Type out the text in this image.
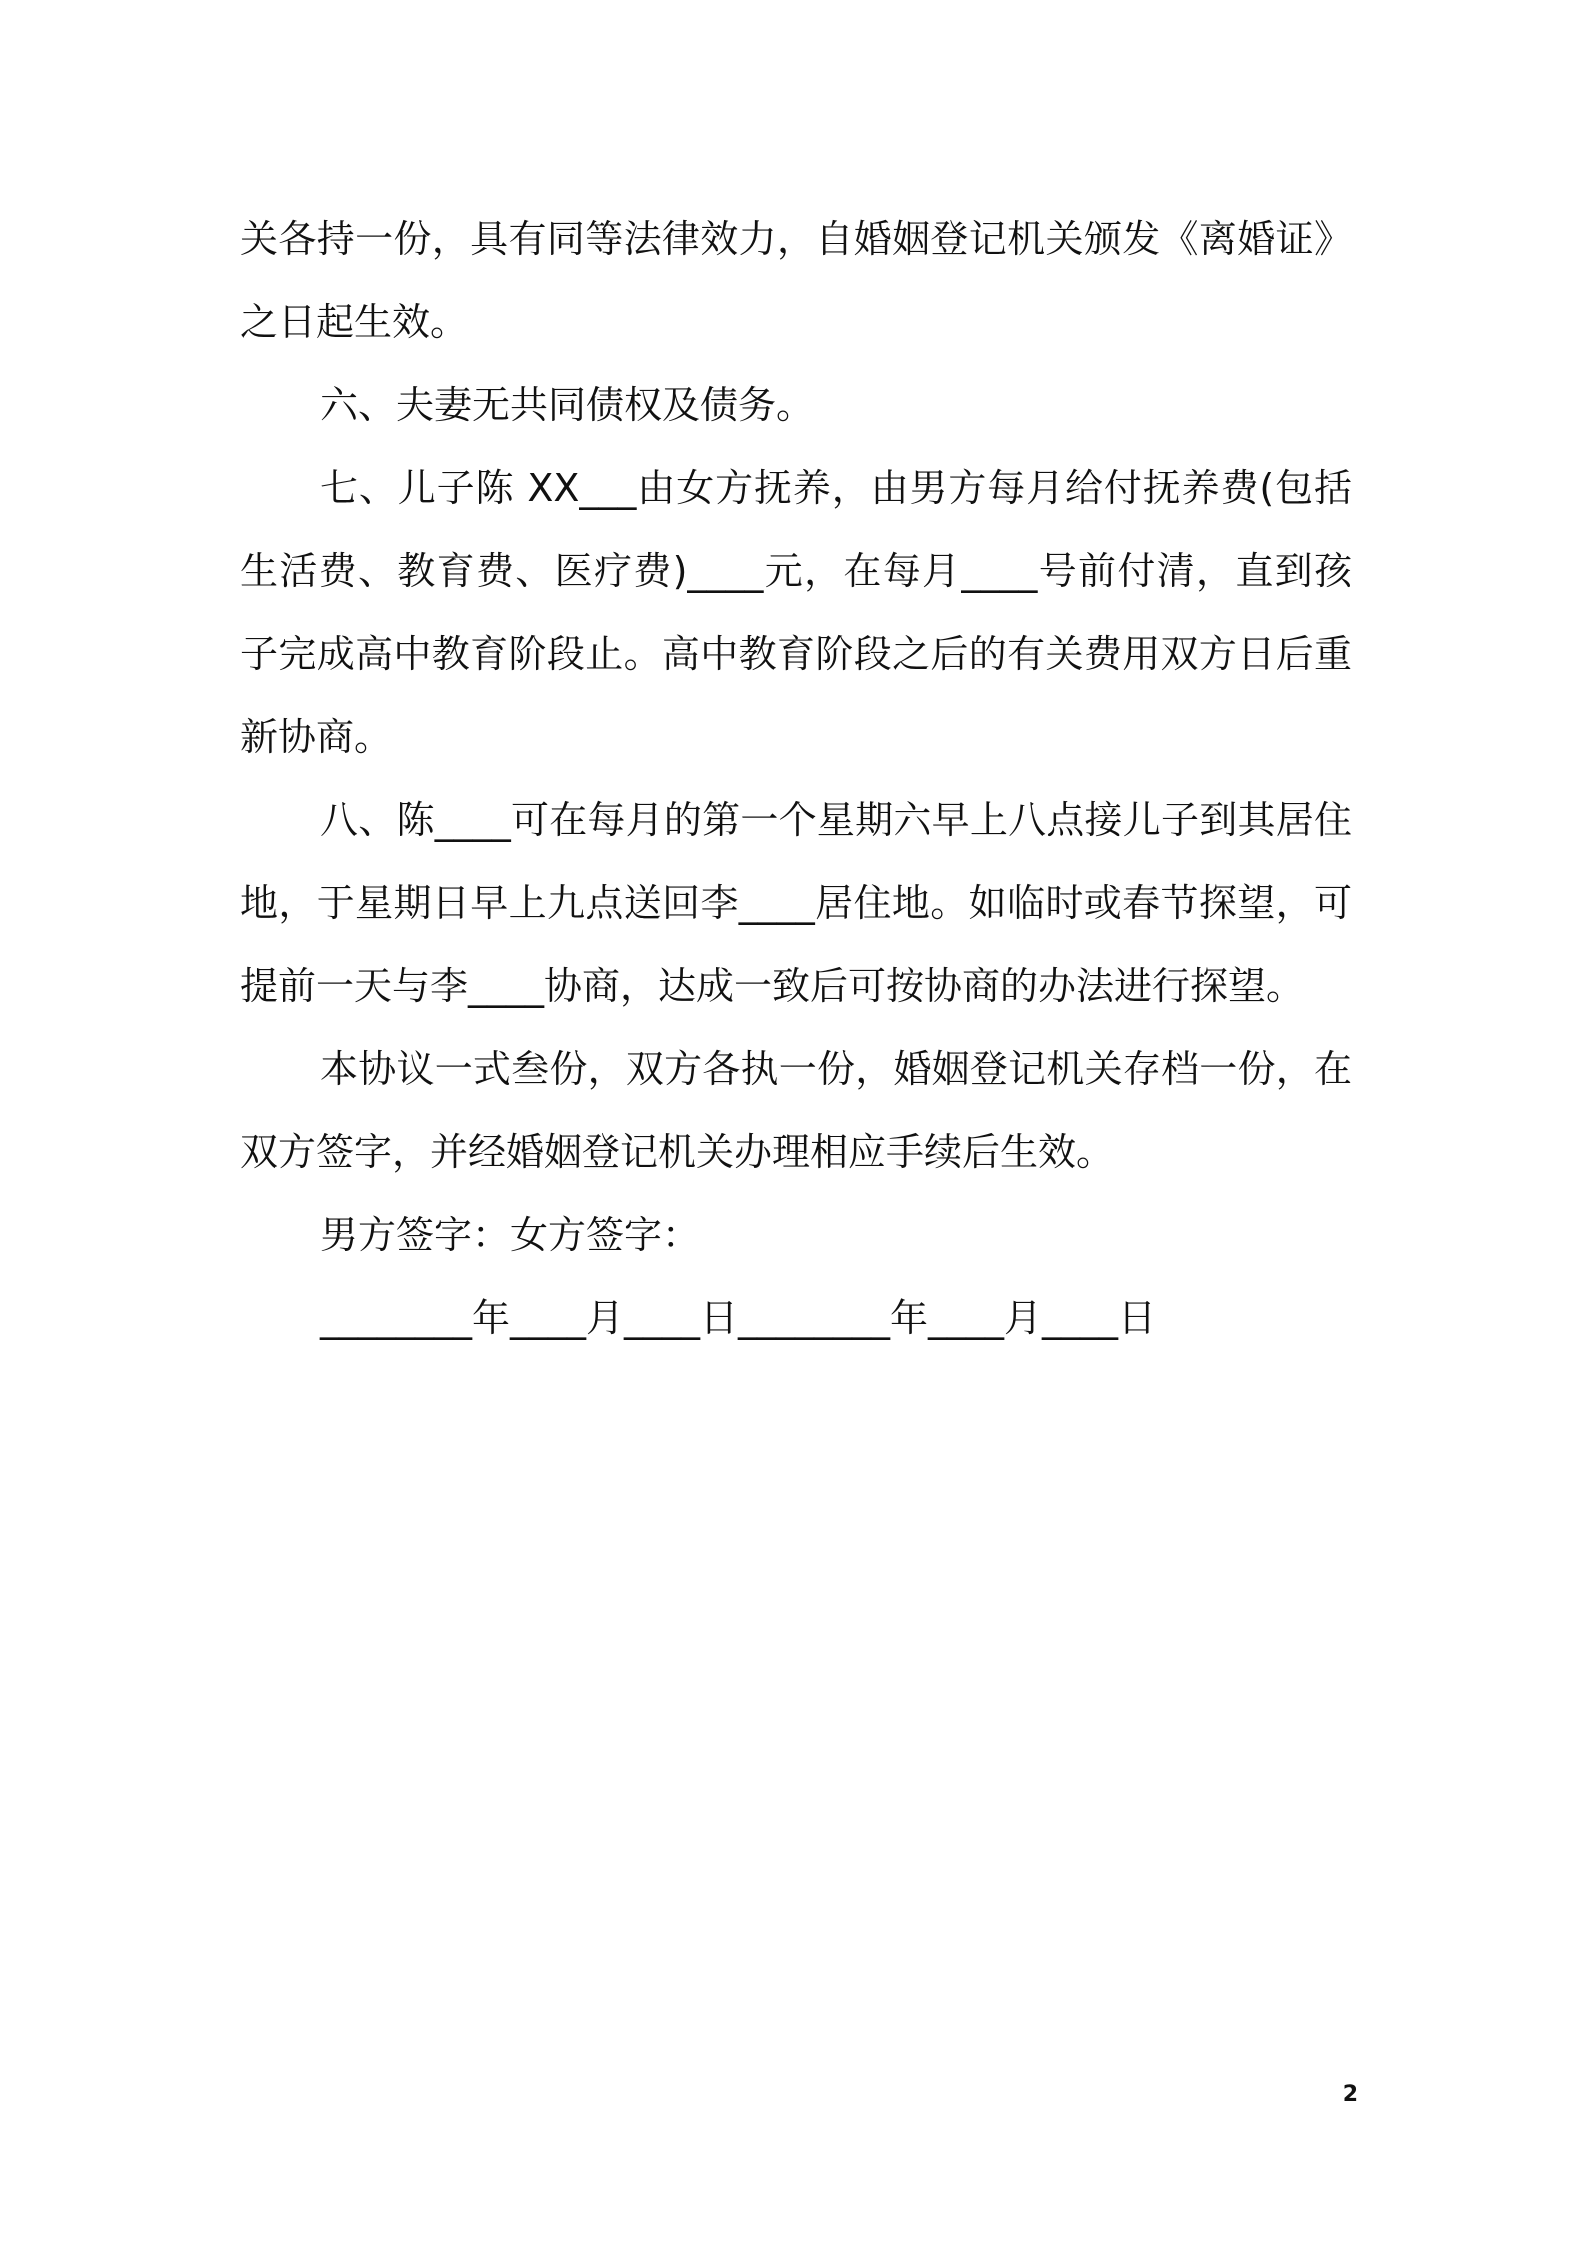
关各持一份，具有同等法律效力，自婚姻登记机关颁发《离婚证》之日起生效。

六、夫妻无共同债权及债务。

七、儿子陈 XX___由女方抚养，由男方每月给付抚养费(包括生活费、教育费、医疗费)____元，在每月____号前付清，直到孩子完成高中教育阶段止。高中教育阶段之后的有关费用双方日后重新协商。

八、陈____可在每月的第一个星期六早上八点接儿子到其居住地，于星期日早上九点送回李____居住地。如临时或春节探望，可提前一天与李____协商，达成一致后可按协商的办法进行探望。

本协议一式叁份，双方各执一份，婚姻登记机关存档一份，在双方签字，并经婚姻登记机关办理相应手续后生效。

男方签字：女方签字：

________年____月____日________年____月____日

2
